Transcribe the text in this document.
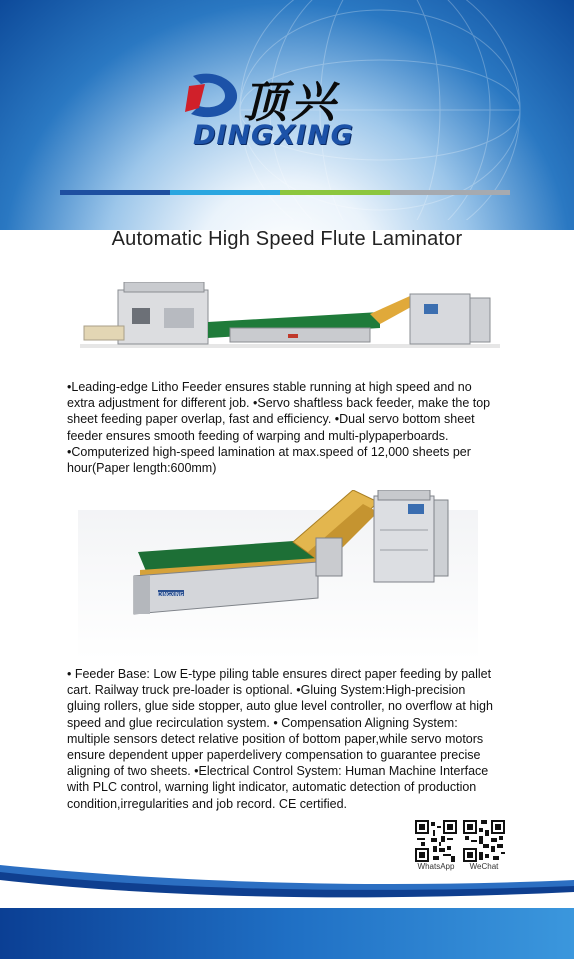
顶兴
DINGXING
Automatic High Speed Flute Laminator
•Leading-edge Litho Feeder ensures stable running at high speed and no
extra adjustment for different job. •Servo shaftless back feeder, make the top
sheet feeding paper overlap, fast and efficiency. •Dual servo bottom sheet
feeder ensures smooth feeding of warping and multi-plypaperboards.
•Computerized high-speed lamination at max.speed of 12,000 sheets per
hour(Paper length:600mm)
DINGXING
• Feeder Base: Low E-type piling table ensures direct paper feeding by pallet
cart. Railway truck pre-loader is optional. •Gluing System:High-precision
gluing rollers, glue side stopper, auto glue level controller, no overflow at high
speed and glue recirculation system. • Compensation Aligning System:
multiple sensors detect relative position of bottom paper,while servo motors
ensure dependent upper paperdelivery compensation to guarantee precise
aligning of two sheets. •Electrical Control System: Human Machine Interface
with PLC control, warning light indicator, automatic detection of production
condition,irregularities and job record. CE certified.
WhatsApp	WeChat
